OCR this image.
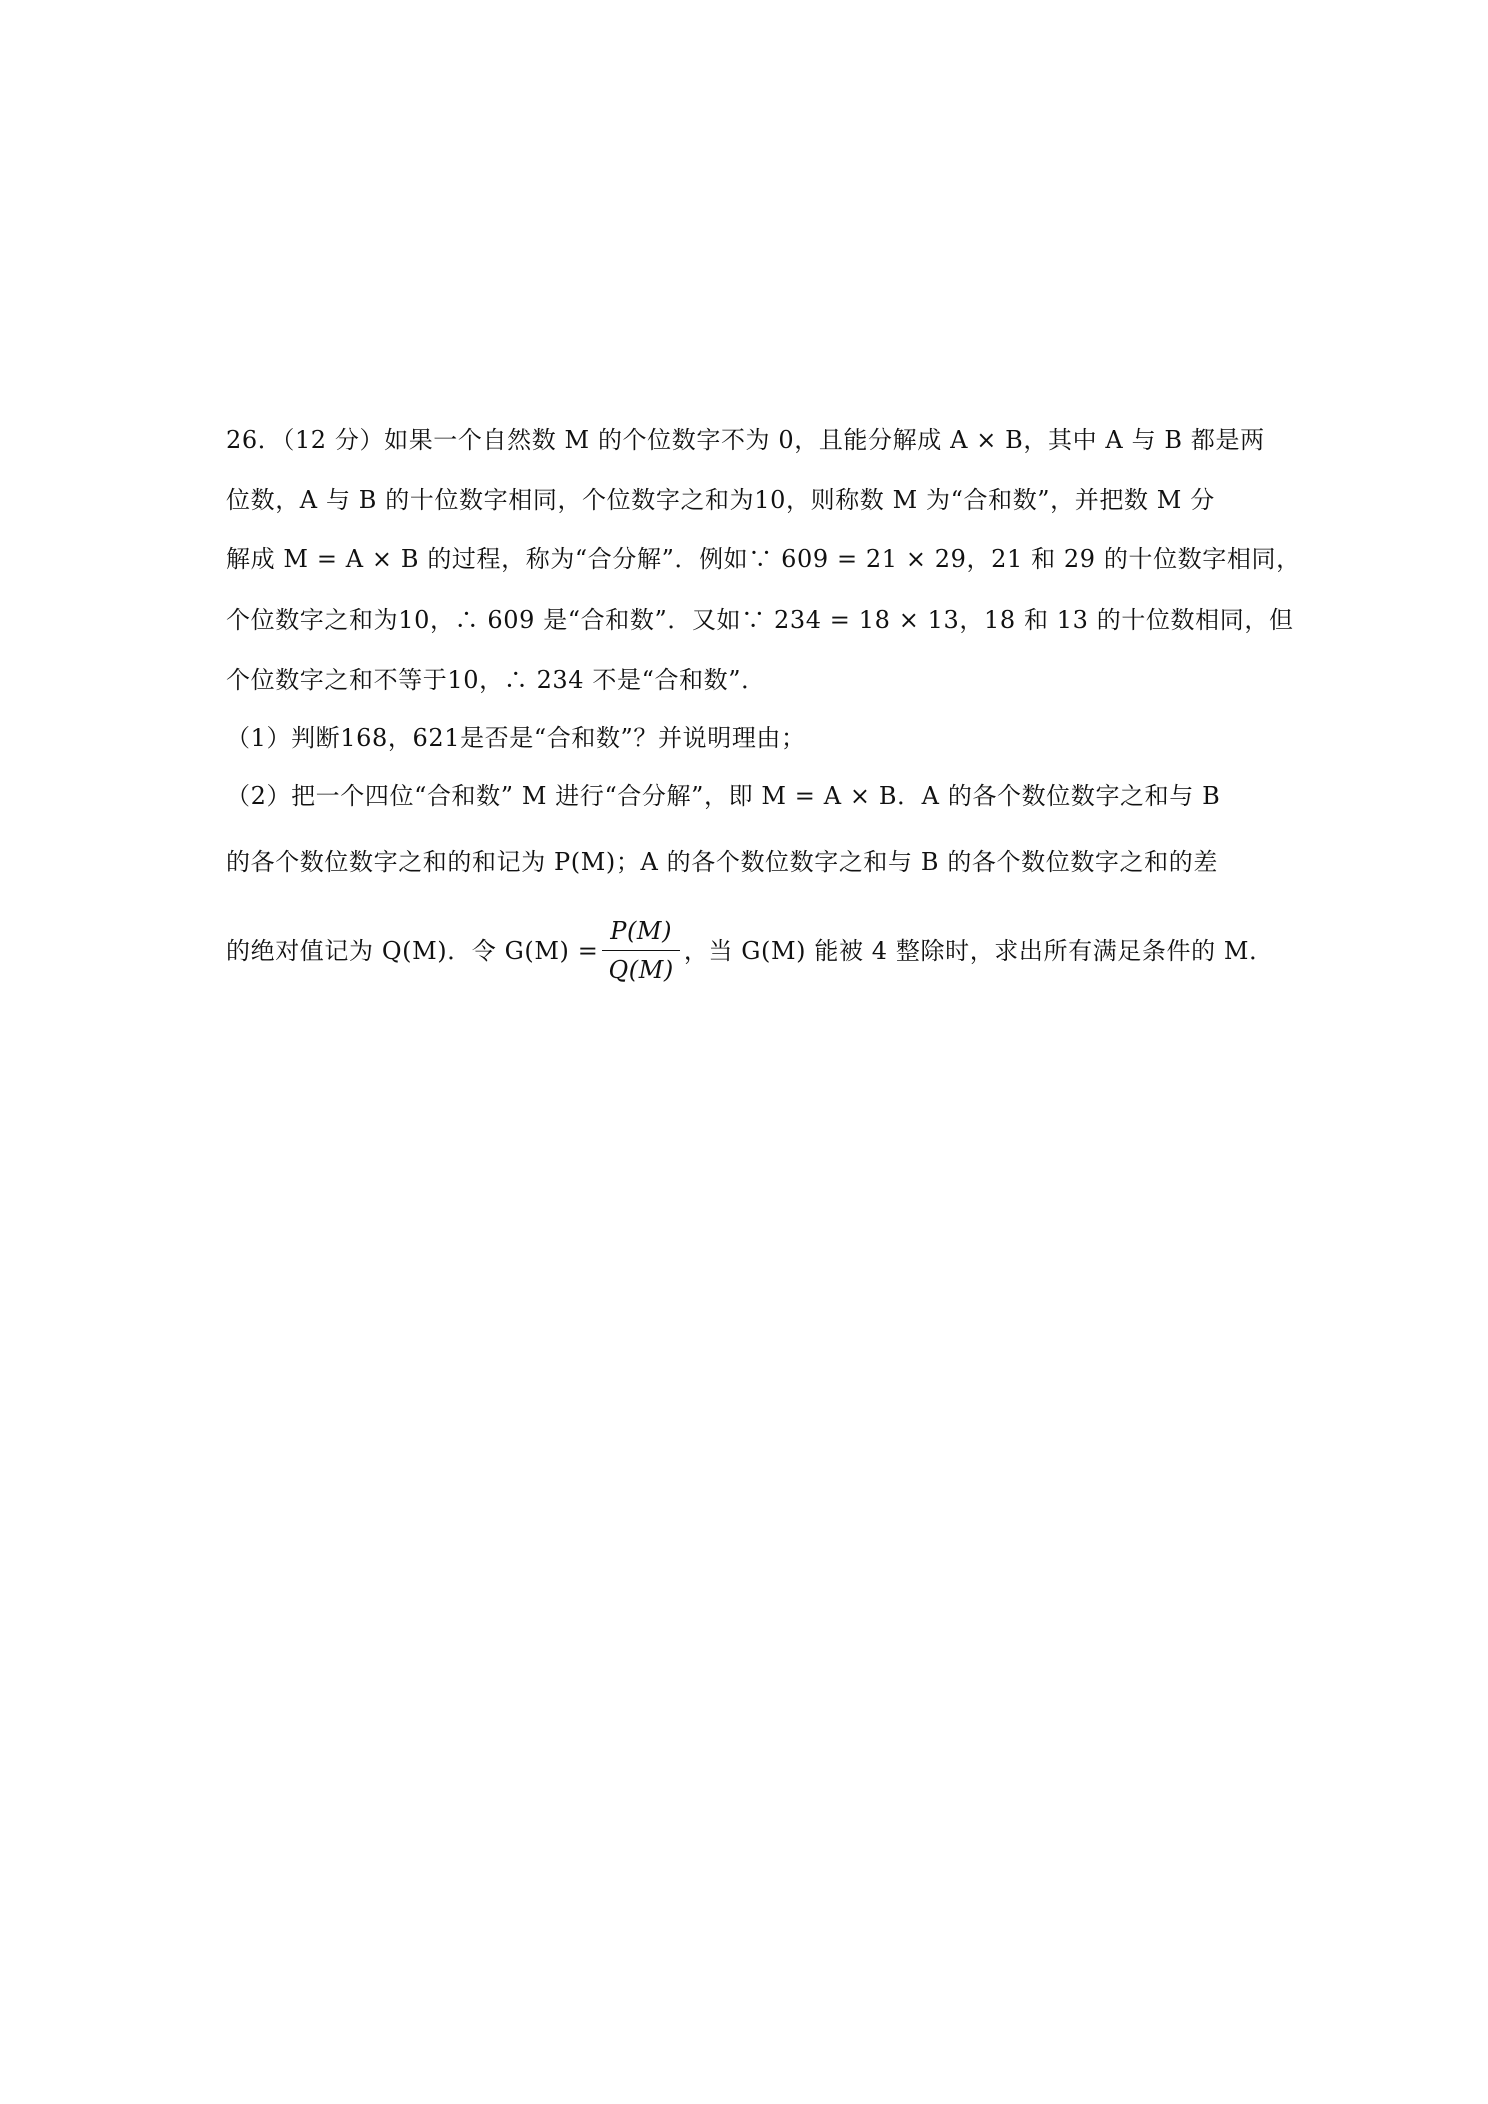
26．（12 分）如果一个自然数 M 的个位数字不为 0，且能分解成 A × B，其中 A 与 B 都是两
位数，A 与 B 的十位数字相同，个位数字之和为10，则称数 M 为“合和数”，并把数 M 分
解成 M = A × B 的过程，称为“合分解”．例如∵ 609 = 21 × 29，21 和 29 的十位数字相同，
个位数字之和为10，∴ 609 是“合和数”．又如∵ 234 = 18 × 13，18 和 13 的十位数相同，但
个位数字之和不等于10，∴ 234 不是“合和数”．
（1）判断168，621是否是“合和数”？并说明理由；
（2）把一个四位“合和数” M 进行“合分解”，即 M = A × B．A 的各个数位数字之和与 B
的各个数位数字之和的和记为 P(M)；A 的各个数位数字之和与 B 的各个数位数字之和的差
的绝对值记为 Q(M)．令 $G(M) = \frac{P(M)}{Q(M)}$ ，当 G(M) 能被 4 整除时，求出所有满足条件的 M．
